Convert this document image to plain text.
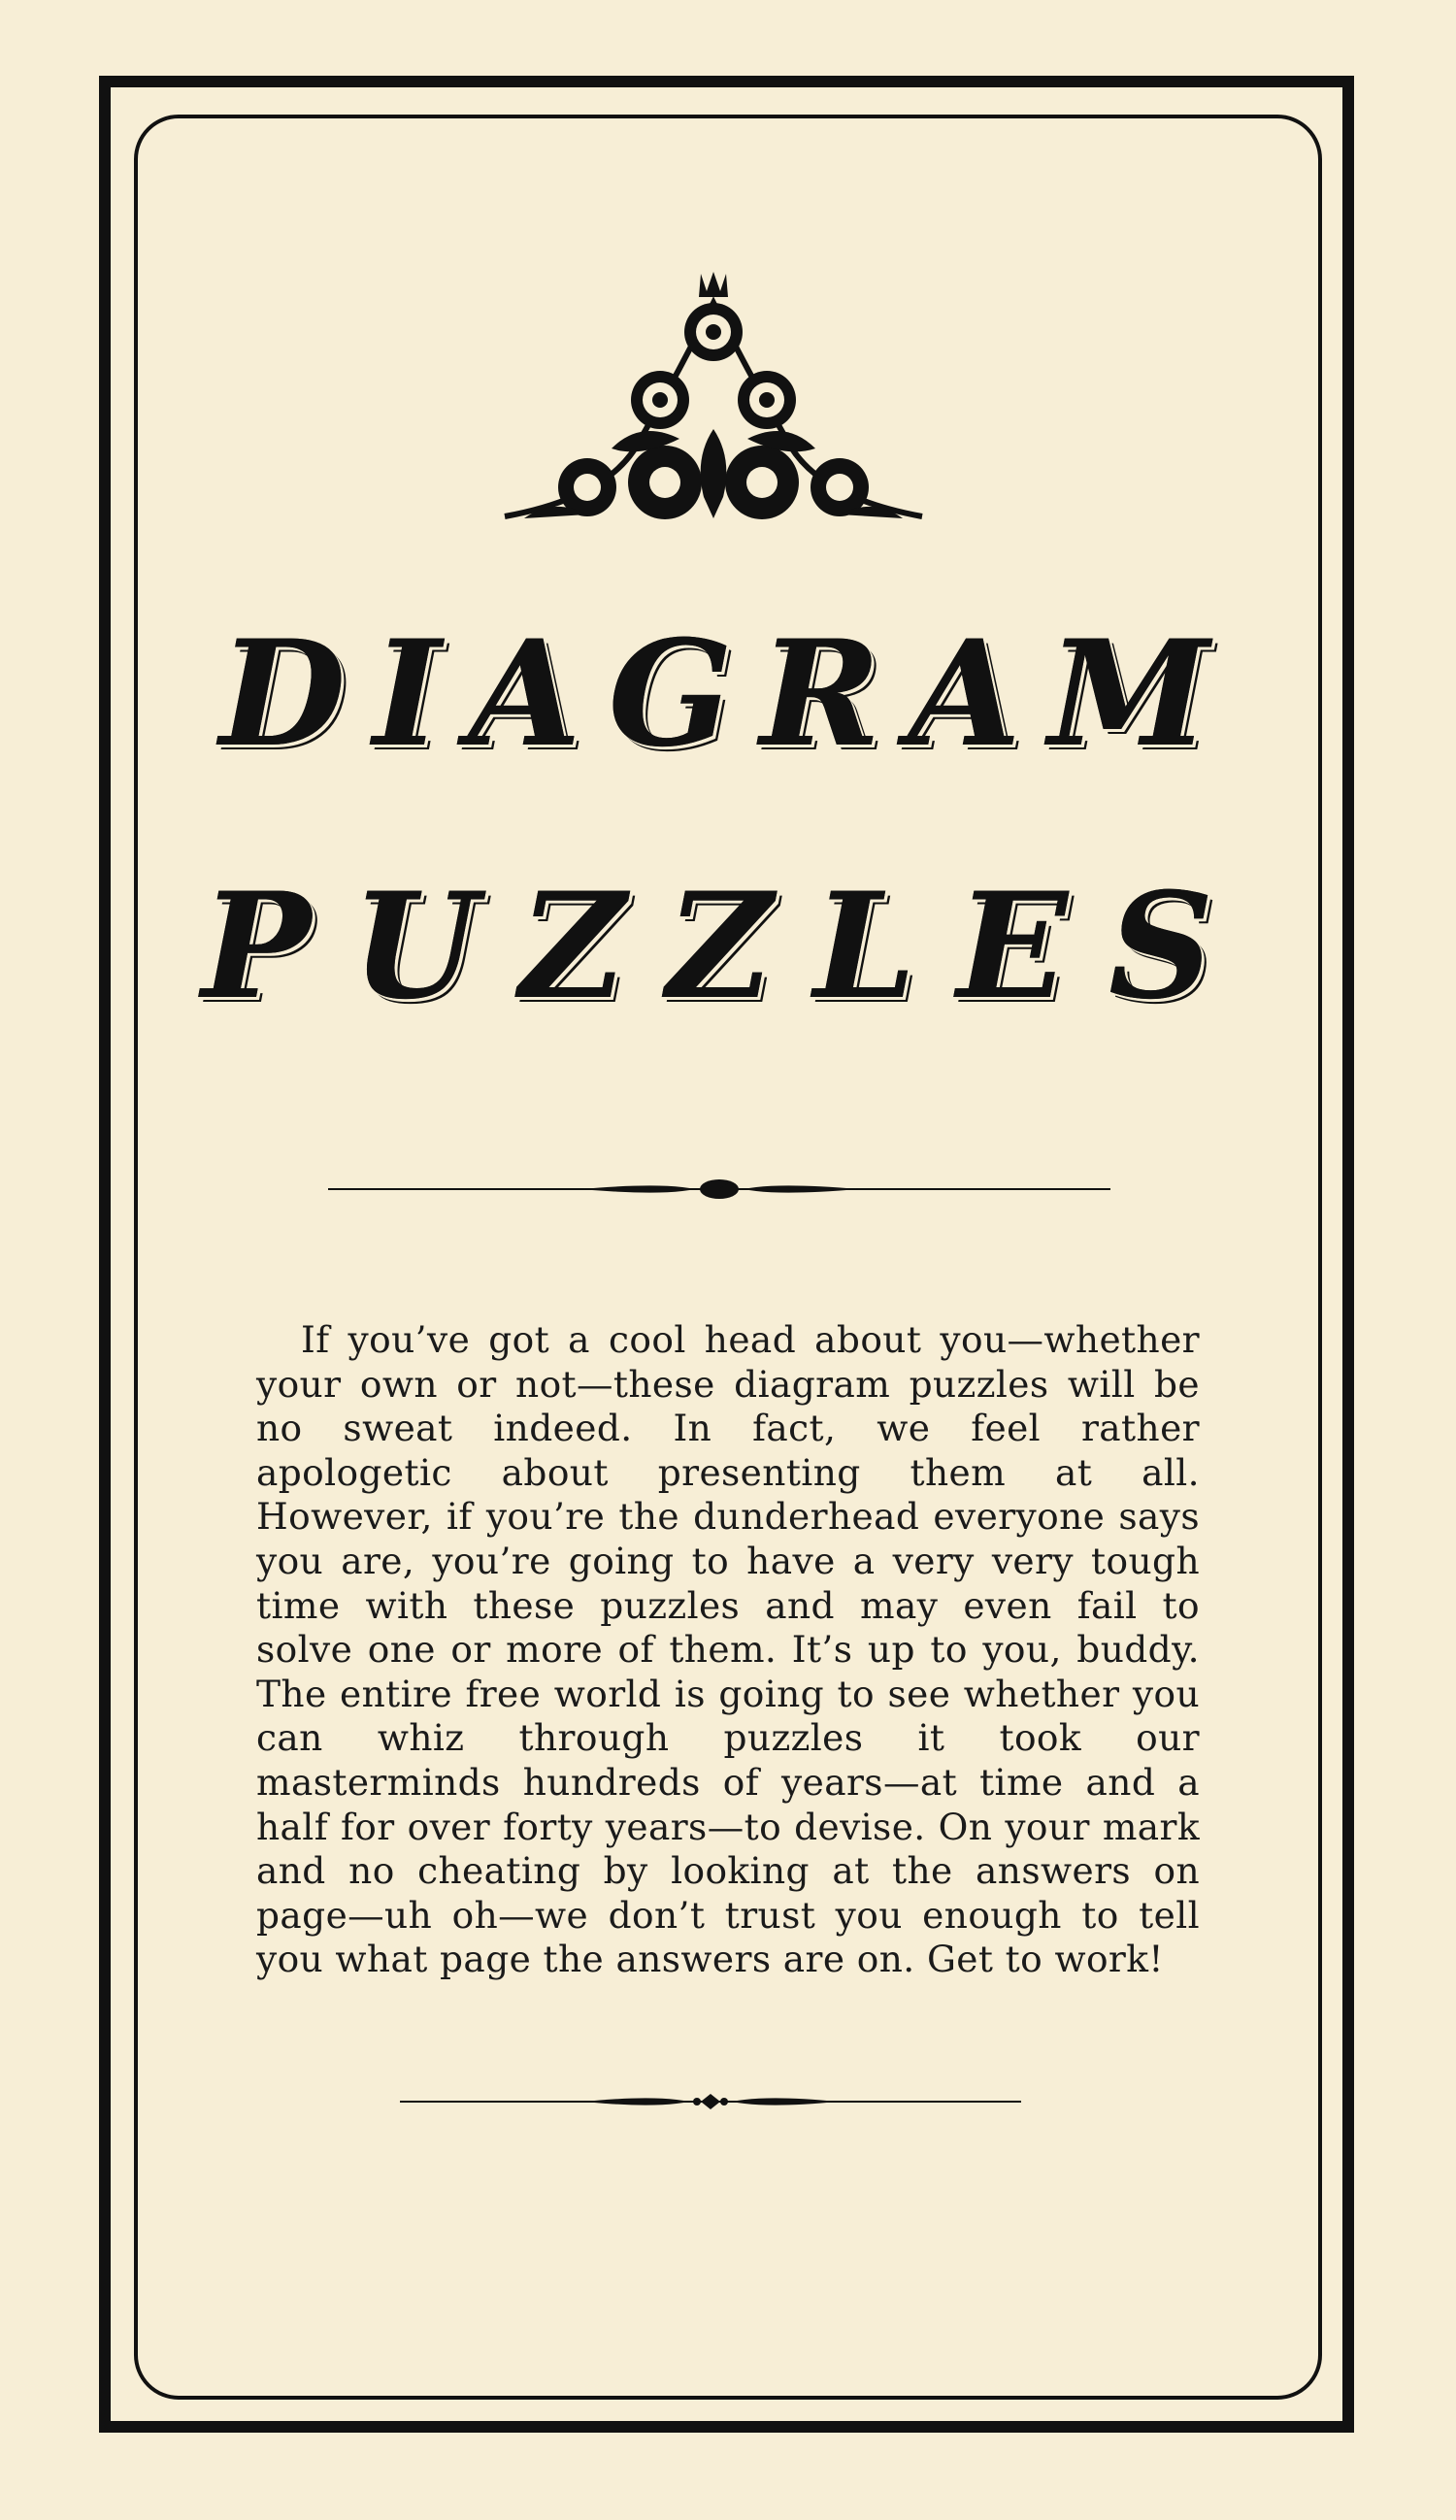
DIAGRAM
PUZZLES

If you’ve got a cool head about you—whether your own or not—these diagram puzzles will be no sweat indeed. In fact, we feel rather apologetic about presenting them at all. However, if you’re the dunderhead everyone says you are, you’re going to have a very very tough time with these puzzles and may even fail to solve one or more of them. It’s up to you, buddy. The entire free world is going to see whether you can whiz through puzzles it took our masterminds hundreds of years—at time and a half for over forty years—to devise. On your mark and no cheating by looking at the answers on page—uh oh—we don’t trust you enough to tell you what page the answers are on. Get to work!
